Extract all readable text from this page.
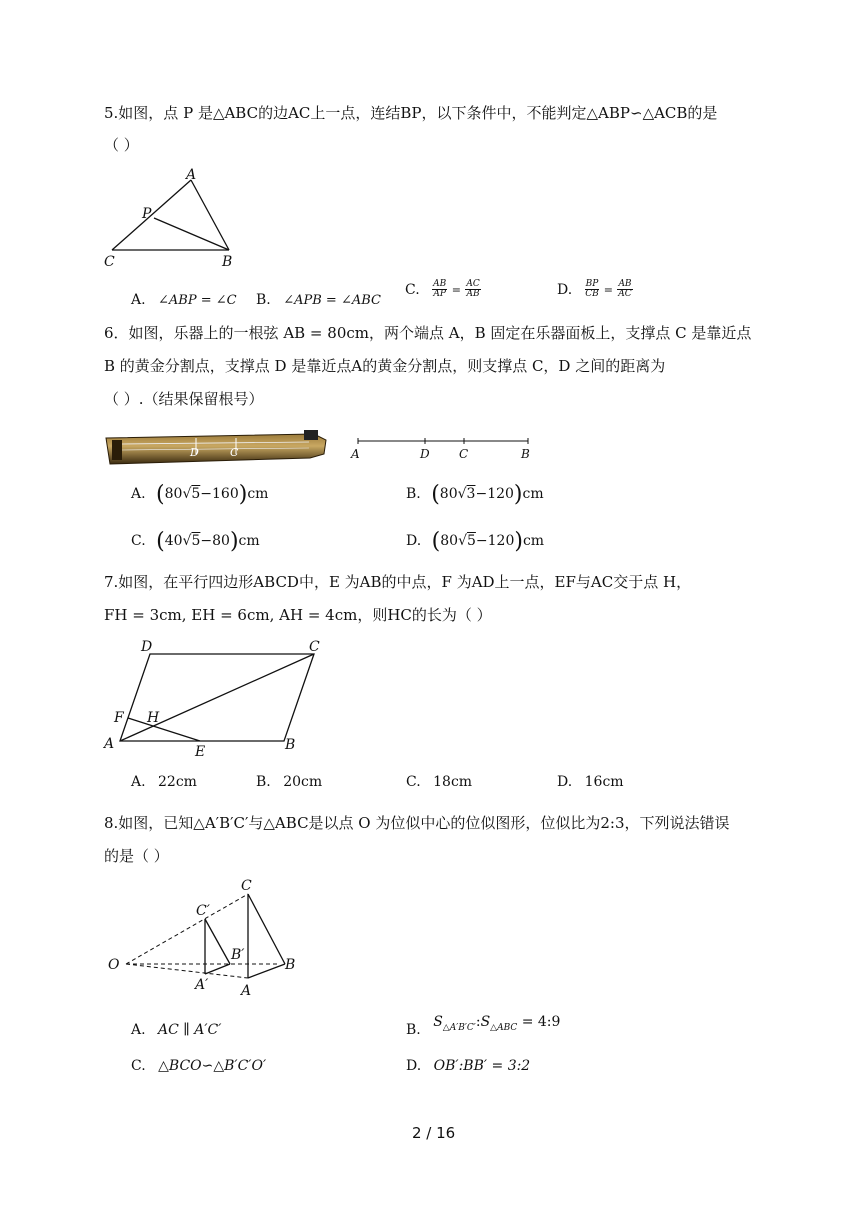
5.如图，点 P 是△ABC的边AC上一点，连结BP，以下条件中，不能判定△ABP∽△ACB的是
（ ）
A
P
C	B
A. ∠ABP = ∠C B. ∠APB = ∠ABC
C. $\frac{AB}{AP} = \frac{AC}{AB}$	D. $\frac{BP}{CB} = \frac{AB}{AC}$
6．如图，乐器上的一根弦 AB = 80cm，两个端点 A，B 固定在乐器面板上，支撑点 C 是靠近点
B 的黄金分割点，支撑点 D 是靠近点A的黄金分割点，则支撑点 C，D 之间的距离为
（ ）.（结果保留根号）
D	C	A	D C	B
A. (80√5−160)cm	B. (80√3−120)cm
C. (40√5−80)cm	D. (80√5−120)cm
7.如图，在平行四边形ABCD中，E 为AB的中点，F 为AD上一点，EF与AC交于点 H，
FH = 3cm, EH = 6cm, AH = 4cm，则HC的长为（ ）
D	C
F H
A	E	B
A. 22cm	B. 20cm	C. 18cm	D. 16cm
8.如图，已知△A′B′C′与△ABC是以点 O 为位似中心的位似图形，位似比为2:3，下列说法错误
的是（ ）
C
C′
B′
O	B
A′ A
A. AC ∥ A′C′	B. $S_{\triangle A'B'C'}:S_{\triangle ABC}$ = 4:9
C. △BCO∽△B′C′O′	D. OB′:BB′ = 3:2
2 / 16
